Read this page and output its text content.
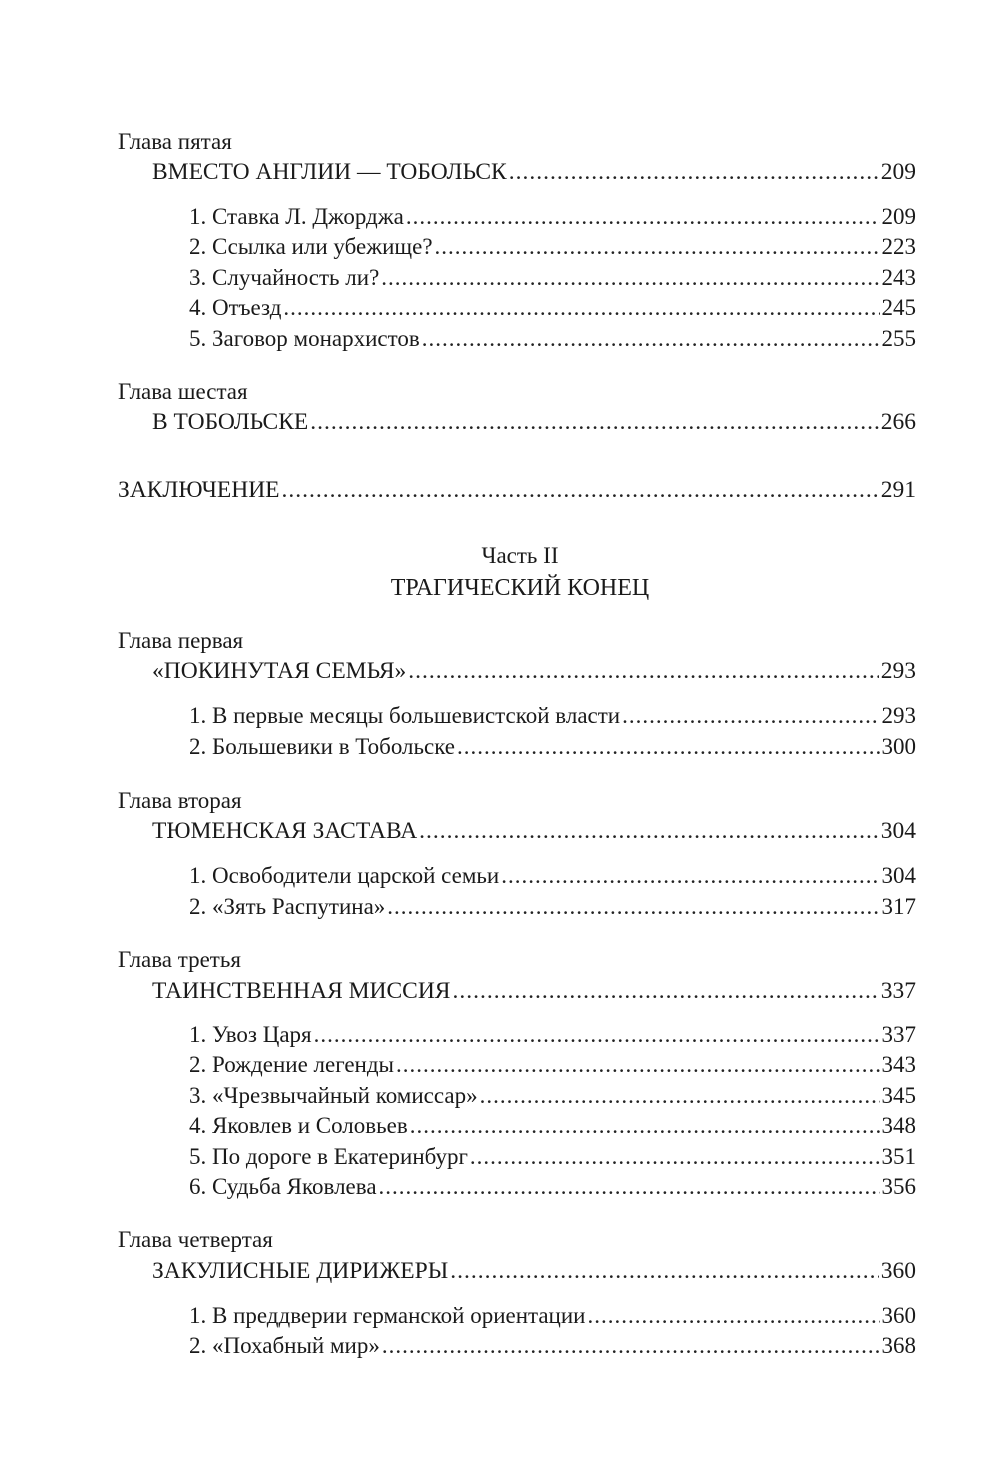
Глава пятая
ВМЕСТО АНГЛИИ — ТОБОЛЬСК .....	209
1. Ставка Л. Джорджа .....	209
2. Ссылка или убежище? .....	223
3. Случайность ли? .....	243
4. Отъезд .....	245
5. Заговор монархистов .....	255
Глава шестая
В ТОБОЛЬСКЕ .....	266
ЗАКЛЮЧЕНИЕ .....	291
Часть II
ТРАГИЧЕСКИЙ КОНЕЦ
Глава первая
«ПОКИНУТАЯ СЕМЬЯ» .....	293
1. В первые месяцы большевистской власти .....	293
2. Большевики в Тобольске .....	300
Глава вторая
ТЮМЕНСКАЯ ЗАСТАВА .....	304
1. Освободители царской семьи .....	304
2. «Зять Распутина» .....	317
Глава третья
ТАИНСТВЕННАЯ МИССИЯ .....	337
1. Увоз Царя .....	337
2. Рождение легенды .....	343
3. «Чрезвычайный комиссар» .....	345
4. Яковлев и Соловьев .....	348
5. По дороге в Екатеринбург .....	351
6. Судьба Яковлева .....	356
Глава четвертая
ЗАКУЛИСНЫЕ ДИРИЖЕРЫ .....	360
1. В преддверии германской ориентации .....	360
2. «Похабный мир» .....	368
